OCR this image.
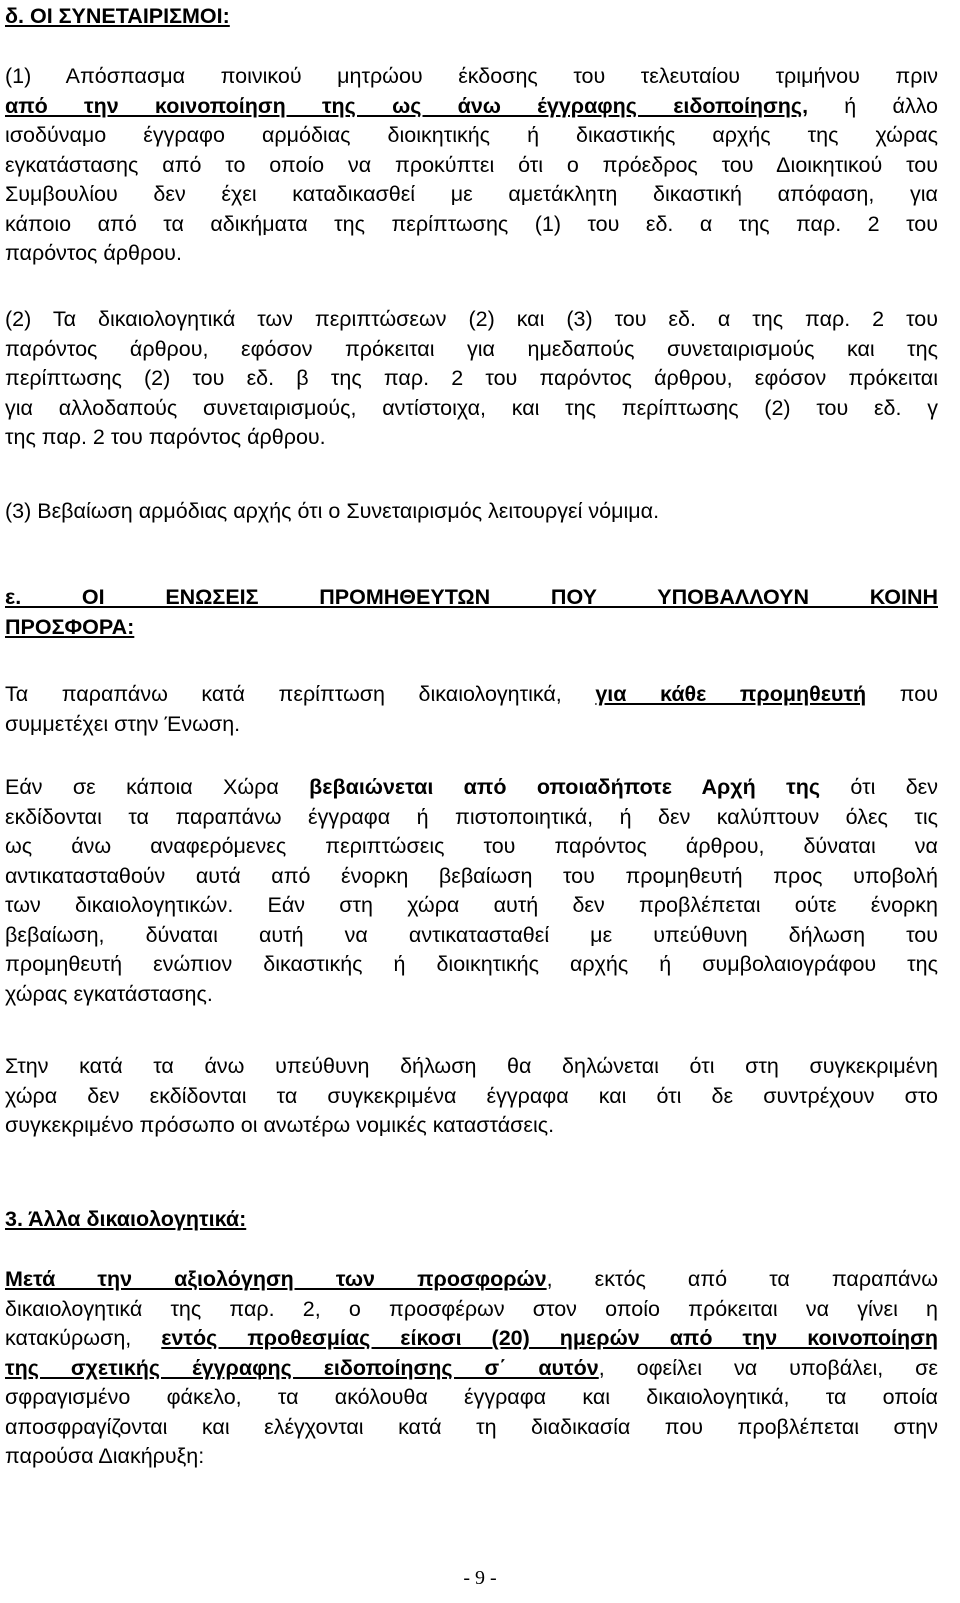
δ. ΟΙ ΣΥΝΕΤΑΙΡΙΣΜΟΙ:
(1) Απόσπασμα ποινικού μητρώου έκδοσης του τελευταίου τριμήνου πριν
από την κοινοποίηση της ως άνω έγγραφης ειδοποίησης, ή άλλο
ισοδύναμο έγγραφο αρμόδιας διοικητικής ή δικαστικής αρχής της χώρας
εγκατάστασης από το οποίο να προκύπτει ότι ο πρόεδρος του Διοικητικού του
Συμβουλίου δεν έχει καταδικασθεί με αμετάκλητη δικαστική απόφαση, για
κάποιο από τα αδικήματα της περίπτωσης (1) του εδ. α της παρ. 2 του
παρόντος άρθρου.
(2) Τα δικαιολογητικά των περιπτώσεων (2) και (3) του εδ. α της παρ. 2 του
παρόντος άρθρου, εφόσον πρόκειται για ημεδαπούς συνεταιρισμούς και της
περίπτωσης (2) του εδ. β της παρ. 2 του παρόντος άρθρου, εφόσον πρόκειται
για αλλοδαπούς συνεταιρισμούς, αντίστοιχα, και της περίπτωσης (2) του εδ. γ
της παρ. 2 του παρόντος άρθρου.
(3) Βεβαίωση αρμόδιας αρχής ότι ο Συνεταιρισμός λειτουργεί νόμιμα.
ε. ΟΙ ΕΝΩΣΕΙΣ ΠΡΟΜΗΘΕΥΤΩΝ ΠΟΥ ΥΠΟΒΑΛΛΟΥΝ ΚΟΙΝΗ
ΠΡΟΣΦΟΡΑ:
Τα παραπάνω κατά περίπτωση δικαιολογητικά, για κάθε προμηθευτή που
συμμετέχει στην Ένωση.
Εάν σε κάποια Χώρα βεβαιώνεται από οποιαδήποτε Αρχή της ότι δεν
εκδίδονται τα παραπάνω έγγραφα ή πιστοποιητικά, ή δεν καλύπτουν όλες τις
ως άνω αναφερόμενες περιπτώσεις του παρόντος άρθρου, δύναται να
αντικατασταθούν αυτά από ένορκη βεβαίωση του προμηθευτή προς υποβολή
των δικαιολογητικών. Εάν στη χώρα αυτή δεν προβλέπεται ούτε ένορκη
βεβαίωση, δύναται αυτή να αντικατασταθεί με υπεύθυνη δήλωση του
προμηθευτή ενώπιον δικαστικής ή διοικητικής αρχής ή συμβολαιογράφου της
χώρας εγκατάστασης.
Στην κατά τα άνω υπεύθυνη δήλωση θα δηλώνεται ότι στη συγκεκριμένη
χώρα δεν εκδίδονται τα συγκεκριμένα έγγραφα και ότι δε συντρέχουν στο
συγκεκριμένο πρόσωπο οι ανωτέρω νομικές καταστάσεις.
3. Άλλα δικαιολογητικά:
Μετά την αξιολόγηση των προσφορών, εκτός από τα παραπάνω
δικαιολογητικά της παρ. 2, ο προσφέρων στον οποίο πρόκειται να γίνει η
κατακύρωση, εντός προθεσμίας είκοσι (20) ημερών από την κοινοποίηση
της σχετικής έγγραφης ειδοποίησης σ΄ αυτόν, οφείλει να υποβάλει, σε
σφραγισμένο φάκελο, τα ακόλουθα έγγραφα και δικαιολογητικά, τα οποία
αποσφραγίζονται και ελέγχονται κατά τη διαδικασία που προβλέπεται στην
παρούσα Διακήρυξη:
- 9 -
